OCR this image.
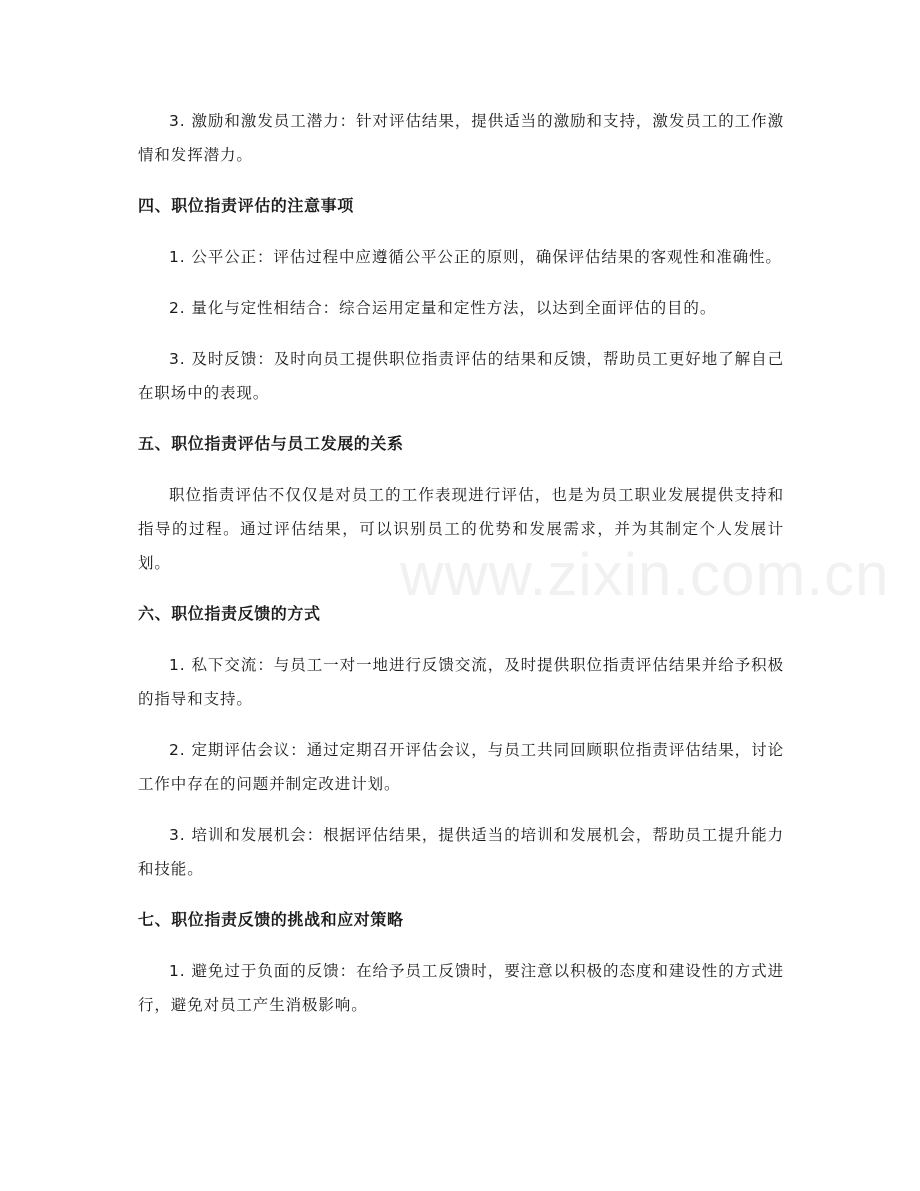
www.zixin.com.cn

3. 激励和激发员工潜力：针对评估结果，提供适当的激励和支持，激发员工的工作激情和发挥潜力。

四、职位指责评估的注意事项

1. 公平公正：评估过程中应遵循公平公正的原则，确保评估结果的客观性和准确性。

2. 量化与定性相结合：综合运用定量和定性方法，以达到全面评估的目的。

3. 及时反馈：及时向员工提供职位指责评估的结果和反馈，帮助员工更好地了解自己在职场中的表现。

五、职位指责评估与员工发展的关系

职位指责评估不仅仅是对员工的工作表现进行评估，也是为员工职业发展提供支持和指导的过程。通过评估结果，可以识别员工的优势和发展需求，并为其制定个人发展计划。

六、职位指责反馈的方式

1. 私下交流：与员工一对一地进行反馈交流，及时提供职位指责评估结果并给予积极的指导和支持。

2. 定期评估会议：通过定期召开评估会议，与员工共同回顾职位指责评估结果，讨论工作中存在的问题并制定改进计划。

3. 培训和发展机会：根据评估结果，提供适当的培训和发展机会，帮助员工提升能力和技能。

七、职位指责反馈的挑战和应对策略

1. 避免过于负面的反馈：在给予员工反馈时，要注意以积极的态度和建设性的方式进行，避免对员工产生消极影响。
